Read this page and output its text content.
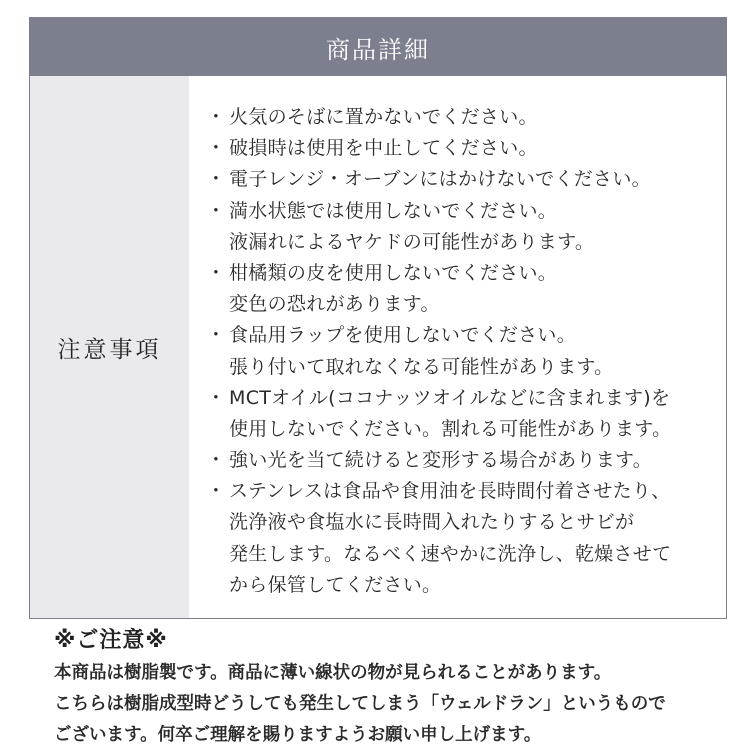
商品詳細
注意事項
・ 火気のそばに置かないでください。
・ 破損時は使用を中止してください。
・ 電子レンジ・オーブンにはかけないでください。
・ 満水状態では使用しないでください。
液漏れによるヤケドの可能性があります。
・ 柑橘類の皮を使用しないでください。
変色の恐れがあります。
・ 食品用ラップを使用しないでください。
張り付いて取れなくなる可能性があります。
・ MCTオイル(ココナッツオイルなどに含まれます)を
使用しないでください。割れる可能性があります。
・ 強い光を当て続けると変形する場合があります。
・ ステンレスは食品や食用油を長時間付着させたり、
洗浄液や食塩水に長時間入れたりするとサビが
発生します。なるべく速やかに洗浄し、乾燥させて
から保管してください。
※ご注意※
本商品は樹脂製です。商品に薄い線状の物が見られることがあります。
こちらは樹脂成型時どうしても発生してしまう「ウェルドラン」というもので
ございます。何卒ご理解を賜りますようお願い申し上げます。
